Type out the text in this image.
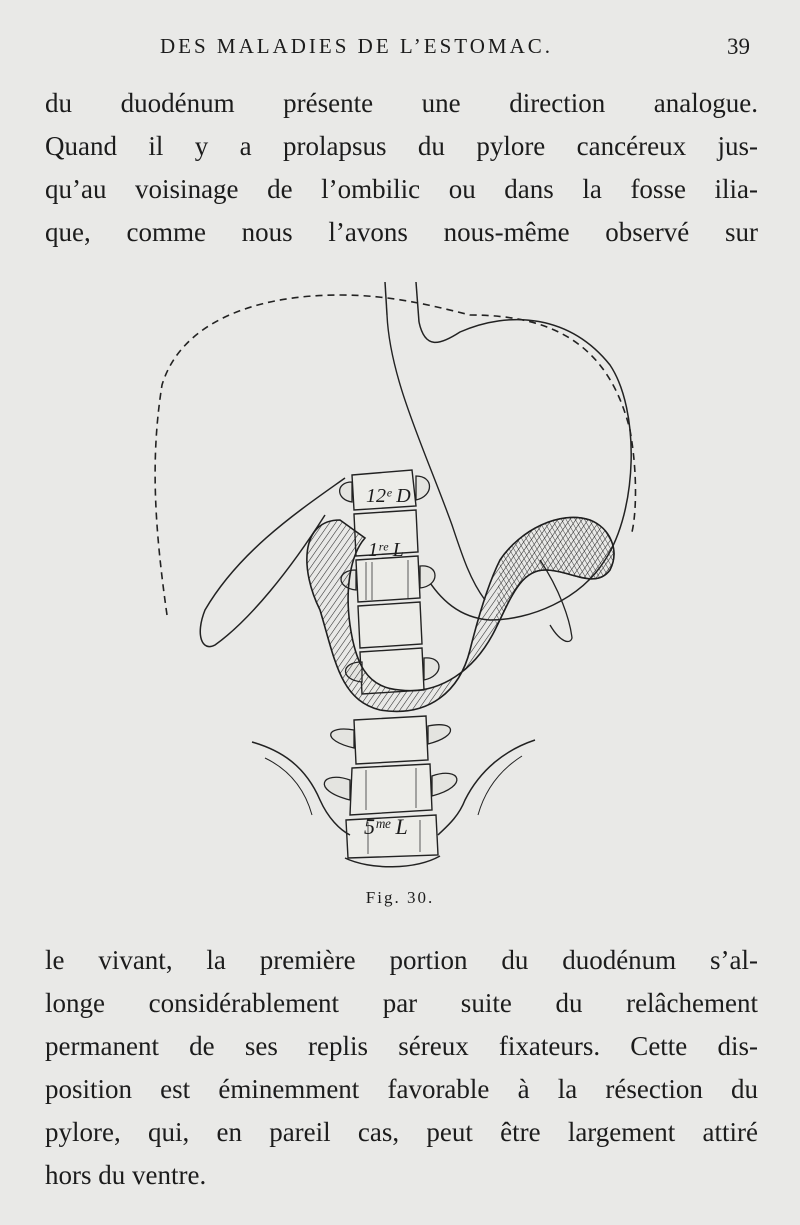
DES MALADIES DE L’ESTOMAC.	39
du duodénum présente une direction analogue.
Quand il y a prolapsus du pylore cancéreux jus-
qu’au voisinage de l’ombilic ou dans la fosse ilia-
que, comme nous l’avons nous-même observé sur
12ᵉ D
1ʳᵉ L
5ᵐᵉ L
Fig. 30.
le vivant, la première portion du duodénum s’al-
longe considérablement par suite du relâchement
permanent de ses replis séreux fixateurs. Cette dis-
position est éminemment favorable à la résection du
pylore, qui, en pareil cas, peut être largement attiré
hors du ventre.
